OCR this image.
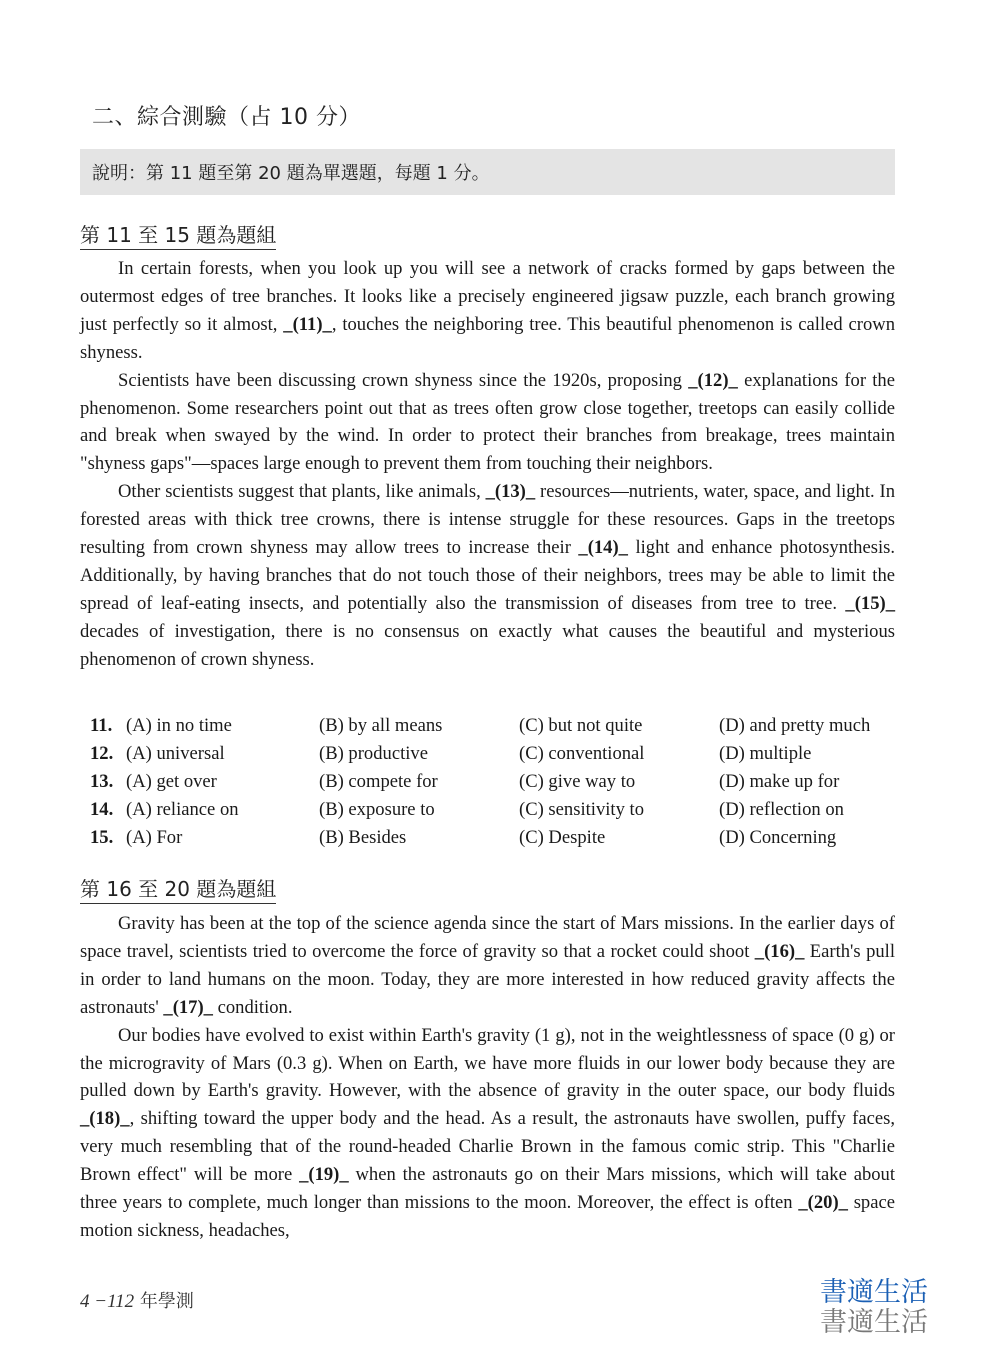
二、綜合測驗（占 10 分）
說明：第 11 題至第 20 題為單選題，每題 1 分。
第 11 至 15 題為題組

In certain forests, when you look up you will see a network of cracks formed by gaps between the outermost edges of tree branches. It looks like a precisely engineered jigsaw puzzle, each branch growing just perfectly so it almost, _(11)_, touches the neighboring tree. This beautiful phenomenon is called crown shyness.

Scientists have been discussing crown shyness since the 1920s, proposing _(12)_ explanations for the phenomenon. Some researchers point out that as trees often grow close together, treetops can easily collide and break when swayed by the wind. In order to protect their branches from breakage, trees maintain "shyness gaps"—spaces large enough to prevent them from touching their neighbors.

Other scientists suggest that plants, like animals, _(13)_ resources—nutrients, water, space, and light. In forested areas with thick tree crowns, there is intense struggle for these resources. Gaps in the treetops resulting from crown shyness may allow trees to increase their _(14)_ light and enhance photosynthesis. Additionally, by having branches that do not touch those of their neighbors, trees may be able to limit the spread of leaf-eating insects, and potentially also the transmission of diseases from tree to tree. _(15)_ decades of investigation, there is no consensus on exactly what causes the beautiful and mysterious phenomenon of crown shyness.

11. (A) in no time	(B) by all means	(C) but not quite	(D) and pretty much
12. (A) universal	(B) productive	(C) conventional	(D) multiple
13. (A) get over	(B) compete for	(C) give way to	(D) make up for
14. (A) reliance on	(B) exposure to	(C) sensitivity to	(D) reflection on
15. (A) For	(B) Besides	(C) Despite	(D) Concerning
第 16 至 20 題為題組

Gravity has been at the top of the science agenda since the start of Mars missions. In the earlier days of space travel, scientists tried to overcome the force of gravity so that a rocket could shoot _(16)_ Earth's pull in order to land humans on the moon. Today, they are more interested in how reduced gravity affects the astronauts' _(17)_ condition.

Our bodies have evolved to exist within Earth's gravity (1 g), not in the weightlessness of space (0 g) or the microgravity of Mars (0.3 g). When on Earth, we have more fluids in our lower body because they are pulled down by Earth's gravity. However, with the absence of gravity in the outer space, our body fluids _(18)_, shifting toward the upper body and the head. As a result, the astronauts have swollen, puffy faces, very much resembling that of the round-headed Charlie Brown in the famous comic strip. This "Charlie Brown effect" will be more _(19)_ when the astronauts go on their Mars missions, which will take about three years to complete, much longer than missions to the moon. Moreover, the effect is often _(20)_ space motion sickness, headaches,

4 −112 年學測	書適生活
書適生活
